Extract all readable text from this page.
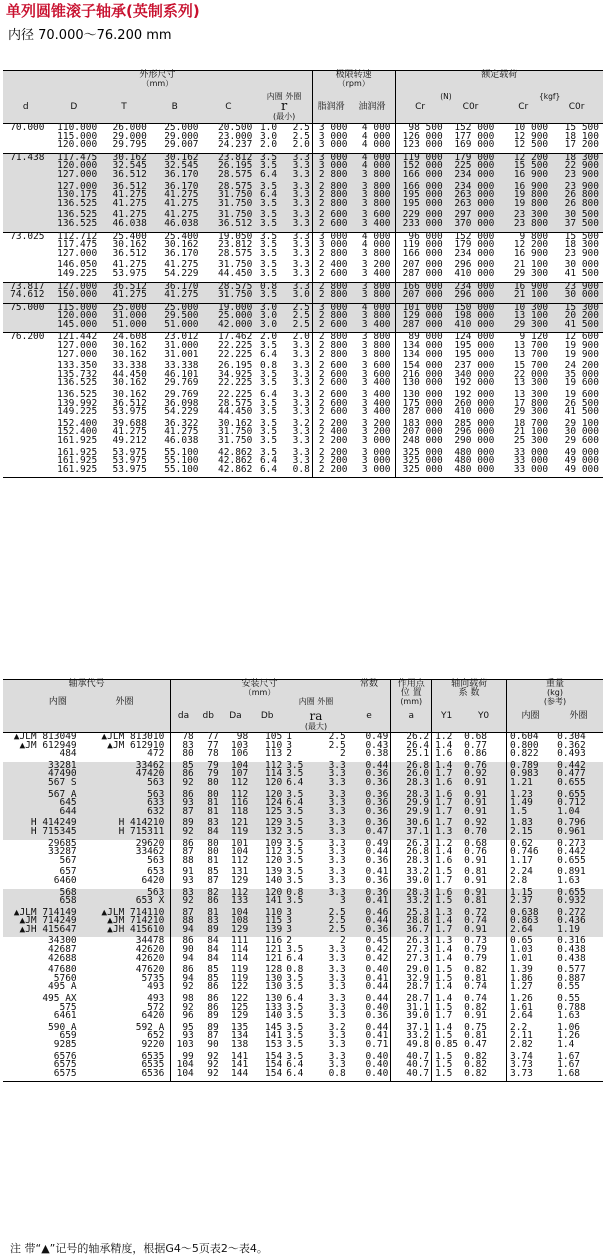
单列圆锥滚子轴承(英制系列)
内径 70.000～76.200 mm
外形尺寸
（mm）							极限转速
（rpm）		额定载荷			
					内圈 外圈				(N)		{kgf}	
d	D	T	B	C	r
(最小)		脂润滑	油润滑	Cr	C0r	Cr	C0r
70.000	110.000	26.000	25.000	20.500	1.0	2.5	3 000	4 000	98 500	152 000	10 000	15 500
	115.000	29.000	29.000	23.000	3.0	2.5	3 000	4 000	126 000	177 000	12 900	18 100
	120.000	29.795	29.007	24.237	2.0	2.0	3 000	4 000	123 000	169 000	12 500	17 200

71.438	117.475	30.162	30.162	23.812	3.5	3.3	3 000	4 000	119 000	179 000	12 200	18 300
	120.000	32.545	32.545	26.195	3.5	3.3	3 000	4 000	152 000	225 000	15 500	22 900
	127.000	36.512	36.170	28.575	6.4	3.3	2 800	3 800	166 000	234 000	16 900	23 900

	127.000	36.512	36.170	28.575	3.5	3.3	2 800	3 800	166 000	234 000	16 900	23 900
	130.175	41.275	41.275	31.750	6.4	3.3	2 800	3 800	195 000	263 000	19 800	26 800
	136.525	41.275	41.275	31.750	3.5	3.3	2 800	3 800	195 000	263 000	19 800	26 800

	136.525	41.275	41.275	31.750	3.5	3.3	2 600	3 600	229 000	297 000	23 300	30 500
	136.525	46.038	46.038	36.512	3.5	3.3	2 600	3 400	233 000	370 000	23 800	37 500

73.025	112.712	25.400	25.400	19.050	3.5	3.3	3 000	4 000	96 000	152 000	9 800	15 500
	117.475	30.162	30.162	23.812	3.5	3.3	3 000	4 000	119 000	179 000	12 200	18 300
	127.000	36.512	36.170	28.575	3.5	3.3	2 800	3 800	166 000	234 000	16 900	23 900

	146.050	41.275	41.275	31.750	3.5	3.3	2 400	3 200	207 000	296 000	21 100	30 000
	149.225	53.975	54.229	44.450	3.5	3.3	2 600	3 400	287 000	410 000	29 300	41 500

73.817	127.000	36.512	36.170	28.575	0.8	3.3	2 800	3 800	166 000	234 000	16 900	23 900
74.612	150.000	41.275	41.275	31.750	3.5	3.0	2 800	3 800	207 000	296 000	21 100	30 000

75.000	115.000	25.000	25.000	19.000	3.0	2.5	3 000	4 000	101 000	150 000	10 300	15 300
	120.000	31.000	29.500	25.000	3.0	2.5	2 800	3 800	129 000	198 000	13 100	20 200
	145.000	51.000	51.000	42.000	3.0	2.5	2 600	3 400	287 000	410 000	29 300	41 500

76.200	121.442	24.608	23.012	17.462	2.0	2.0	2 800	3 800	89 000	124 000	9 120	12 600
	127.000	30.162	31.000	22.225	3.5	3.3	2 800	3 800	134 000	195 000	13 700	19 900
	127.000	30.162	31.001	22.225	6.4	3.3	2 800	3 800	134 000	195 000	13 700	19 900

	133.350	33.338	33.338	26.195	0.8	3.3	2 600	3 600	154 000	237 000	15 700	24 200
	135.732	44.450	46.101	34.925	3.5	3.3	2 600	3 600	216 000	340 000	22 000	35 000
	136.525	30.162	29.769	22.225	3.5	3.3	2 600	3 400	130 000	192 000	13 300	19 600

	136.525	30.162	29.769	22.225	6.4	3.3	2 600	3 400	130 000	192 000	13 300	19 600
	139.992	36.512	36.098	28.575	3.5	3.3	2 600	3 400	175 000	260 000	17 800	26 500
	149.225	53.975	54.229	44.450	3.5	3.3	2 600	3 400	287 000	410 000	29 300	41 500

	152.400	39.688	36.322	30.162	3.5	3.2	2 200	3 200	183 000	285 000	18 700	29 100
	152.400	41.275	41.275	31.750	3.5	3.3	2 400	3 200	207 000	296 000	21 100	30 000
	161.925	49.212	46.038	31.750	3.5	3.3	2 200	3 000	248 000	290 000	25 300	29 600

	161.925	53.975	55.100	42.862	3.5	3.3	2 200	3 000	325 000	480 000	33 000	49 000
	161.925	53.975	55.100	42.862	6.4	3.3	2 200	3 000	325 000	480 000	33 000	49 000
	161.925	53.975	55.100	42.862	6.4	0.8	2 200	3 000	325 000	480 000	33 000	49 000

轴承代号		安装尺寸
（mm）						常数	作用点
位 置	轴向载荷
系 数		重量
(kg)	
内圈	外圈					内圈 外圈			(mm)			(参考)	
		da	db	Da	Db	ra
(最大)		e	a	Y1	Y0	内圈	外圈
▲JLM 813049	▲JLM 813010	78	77	98	105	1	2.5	0.49	26.2	1.2	0.68	0.604	0.304
▲JM 612949	▲JM 612910	83	77	103	110	3	2.5	0.43	26.4	1.4	0.77	0.800	0.362
484	472	80	78	106	113	2	2	0.38	25.1	1.6	0.86	0.822	0.493

33281	33462	85	79	104	112	3.5	3.3	0.44	26.8	1.4	0.76	0.789	0.442
47490	47420	86	79	107	114	3.5	3.3	0.36	26.0	1.7	0.92	0.983	0.477
567 S	563	92	80	112	120	6.4	3.3	0.36	28.3	1.6	0.91	1.21	0.655

567 A	563	86	80	112	120	3.5	3.3	0.36	28.3	1.6	0.91	1.23	0.655
645	633	93	81	116	124	6.4	3.3	0.36	29.9	1.7	0.91	1.49	0.712
644	632	87	81	118	125	3.5	3.3	0.36	29.9	1.7	0.91	1.5	1.04

H 414249	H 414210	89	83	121	129	3.5	3.3	0.36	30.6	1.7	0.92	1.83	0.796
H 715345	H 715311	92	84	119	132	3.5	3.3	0.47	37.1	1.3	0.70	2.15	0.961

29685	29620	86	80	101	109	3.5	3.3	0.49	26.3	1.2	0.68	0.62	0.273
33287	33462	87	80	104	112	3.5	3.3	0.44	26.8	1.4	0.76	0.746	0.442
567	563	88	81	112	120	3.5	3.3	0.36	28.3	1.6	0.91	1.17	0.655

657	653	91	85	131	139	3.5	3.3	0.41	33.2	1.5	0.81	2.24	0.891
6460	6420	93	87	129	140	3.5	3.3	0.36	39.0	1.7	0.91	2.8	1.63

568	563	83	82	112	120	0.8	3.3	0.36	28.3	1.6	0.91	1.15	0.655
658	653 X	92	86	133	141	3.5	3	0.41	33.2	1.5	0.81	2.37	0.932

▲JLM 714149	▲JLM 714110	87	81	104	110	3	2.5	0.46	25.3	1.3	0.72	0.638	0.272
▲JM 714249	▲JM 714210	88	83	108	115	3	2.5	0.44	28.8	1.4	0.74	0.863	0.436
▲JH 415647	▲JH 415610	94	89	129	139	3	2.5	0.36	36.7	1.7	0.91	2.64	1.19

34300	34478	86	84	111	116	2	2	0.45	26.3	1.3	0.73	0.65	0.316
42687	42620	90	84	114	121	3.5	3.3	0.42	27.3	1.4	0.79	1.03	0.438
42688	42620	94	84	114	121	6.4	3.3	0.42	27.3	1.4	0.79	1.01	0.438

47680	47620	86	85	119	128	0.8	3.3	0.40	29.0	1.5	0.82	1.39	0.577
5760	5735	94	85	119	130	3.5	3.3	0.41	32.9	1.5	0.81	1.86	0.887
495 A	493	92	86	122	130	3.5	3.3	0.44	28.7	1.4	0.74	1.27	0.55

495 AX	493	98	86	122	130	6.4	3.3	0.44	28.7	1.4	0.74	1.26	0.55
575	572	92	86	125	133	3.5	3.3	0.40	31.1	1.5	0.82	1.61	0.788
6461	6420	96	89	129	140	3.5	3.3	0.36	39.0	1.7	0.91	2.64	1.63

590 A	592 A	95	89	135	145	3.5	3.2	0.44	37.1	1.4	0.75	2.2	1.06
659	652	93	87	134	141	3.5	3.3	0.41	33.2	1.5	0.81	2.11	1.26
9285	9220	103	90	138	153	3.5	3.3	0.71	49.8	0.85	0.47	2.82	1.4

6576	6535	99	92	141	154	3.5	3.3	0.40	40.7	1.5	0.82	3.74	1.67
6575	6535	104	92	141	154	6.4	3.3	0.40	40.7	1.5	0.82	3.73	1.67
6575	6536	104	92	144	154	6.4	0.8	0.40	40.7	1.5	0.82	3.73	1.68

注 带“▲”记号的轴承精度，根据G4～5页表2～表4。
